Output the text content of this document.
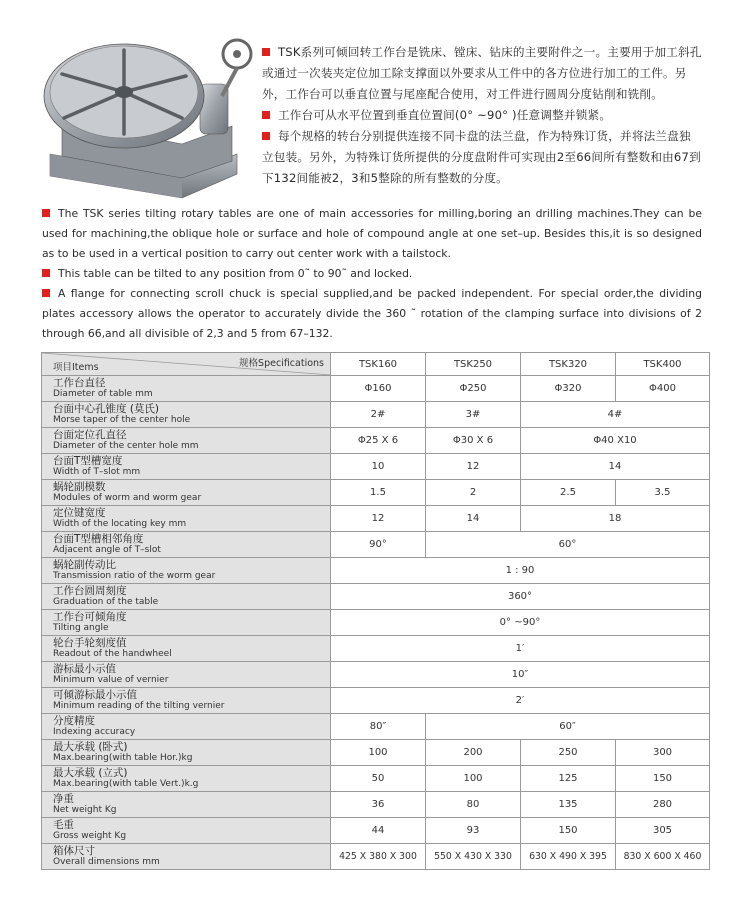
TSK系列可倾回转工作台是铣床、镗床、钻床的主要附件之一。主要用于加工斜孔或通过一次装夹定位加工除支撑面以外要求从工件中的各方位进行加工的工件。另外，工作台可以垂直位置与尾座配合使用，对工件进行圆周分度钻削和铣削。

工作台可从水平位置到垂直位置间(0° ~90° )任意调整并锁紧。

每个规格的转台分别提供连接不同卡盘的法兰盘，作为特殊订货，并将法兰盘独立包装。另外，为特殊订货所提供的分度盘附件可实现由2至66间所有整数和由67到下132间能被2，3和5整除的所有整数的分度。

The TSK series tilting rotary tables are one of main accessories for milling,boring an drilling machines.They can be used for machining,the oblique hole or surface and hole of compound angle at one set–up. Besides this,it is so designed as to be used in a vertical position to carry out center work with a tailstock.

This table can be tilted to any position from 0˜ to 90˜ and locked.

A flange for connecting scroll chuck is special supplied,and be packed independent. For special order,the dividing plates accessory allows the operator to accurately divide the 360 ˜ rotation of the clamping surface into divisions of 2 through 66,and all divisible of 2,3 and 5 from 67–132.

规格Specifications
项目Items	TSK160	TSK250	TSK320	TSK400

工作台直径
Diameter of table mm	Φ160	Φ250	Φ320	Φ400

台面中心孔锥度 (莫氏)
Morse taper of the center hole	2#	3#	4#	

台面定位孔直径
Diameter of the center hole mm	Φ25 X 6	Φ30 X 6	Φ40 X10	

台面T型槽宽度
Width of T–slot mm	10	12	14	

蜗轮副模数
Modules of worm and worm gear	1.5	2	2.5	3.5

定位键宽度
Width of the locating key mm	12	14	18	

台面T型槽相邻角度
Adjacent angle of T–slot	90°	60°		

蜗轮副传动比
Transmission ratio of the worm gear	1 : 90			

工作台圆周刻度
Graduation of the table	360°			

工作台可倾角度
Tilting angle	0° ~90°			

轮台手轮刻度值
Readout of the handwheel	1′			

游标最小示值
Minimum value of vernier	10″			

可倾游标最小示值
Minimum reading of the tilting vernier	2′			

分度精度
Indexing accuracy	80″	60″		

最大承载 (卧式)
Max.bearing(with table Hor.)kg	100	200	250	300

最大承载 (立式)
Max.bearing(with table Vert.)k.g	50	100	125	150

净重
Net weight Kg	36	80	135	280

毛重
Gross weight Kg	44	93	150	305

箱体尺寸
Overall dimensions mm	425 X 380 X 300	550 X 430 X 330	630 X 490 X 395	830 X 600 X 460
